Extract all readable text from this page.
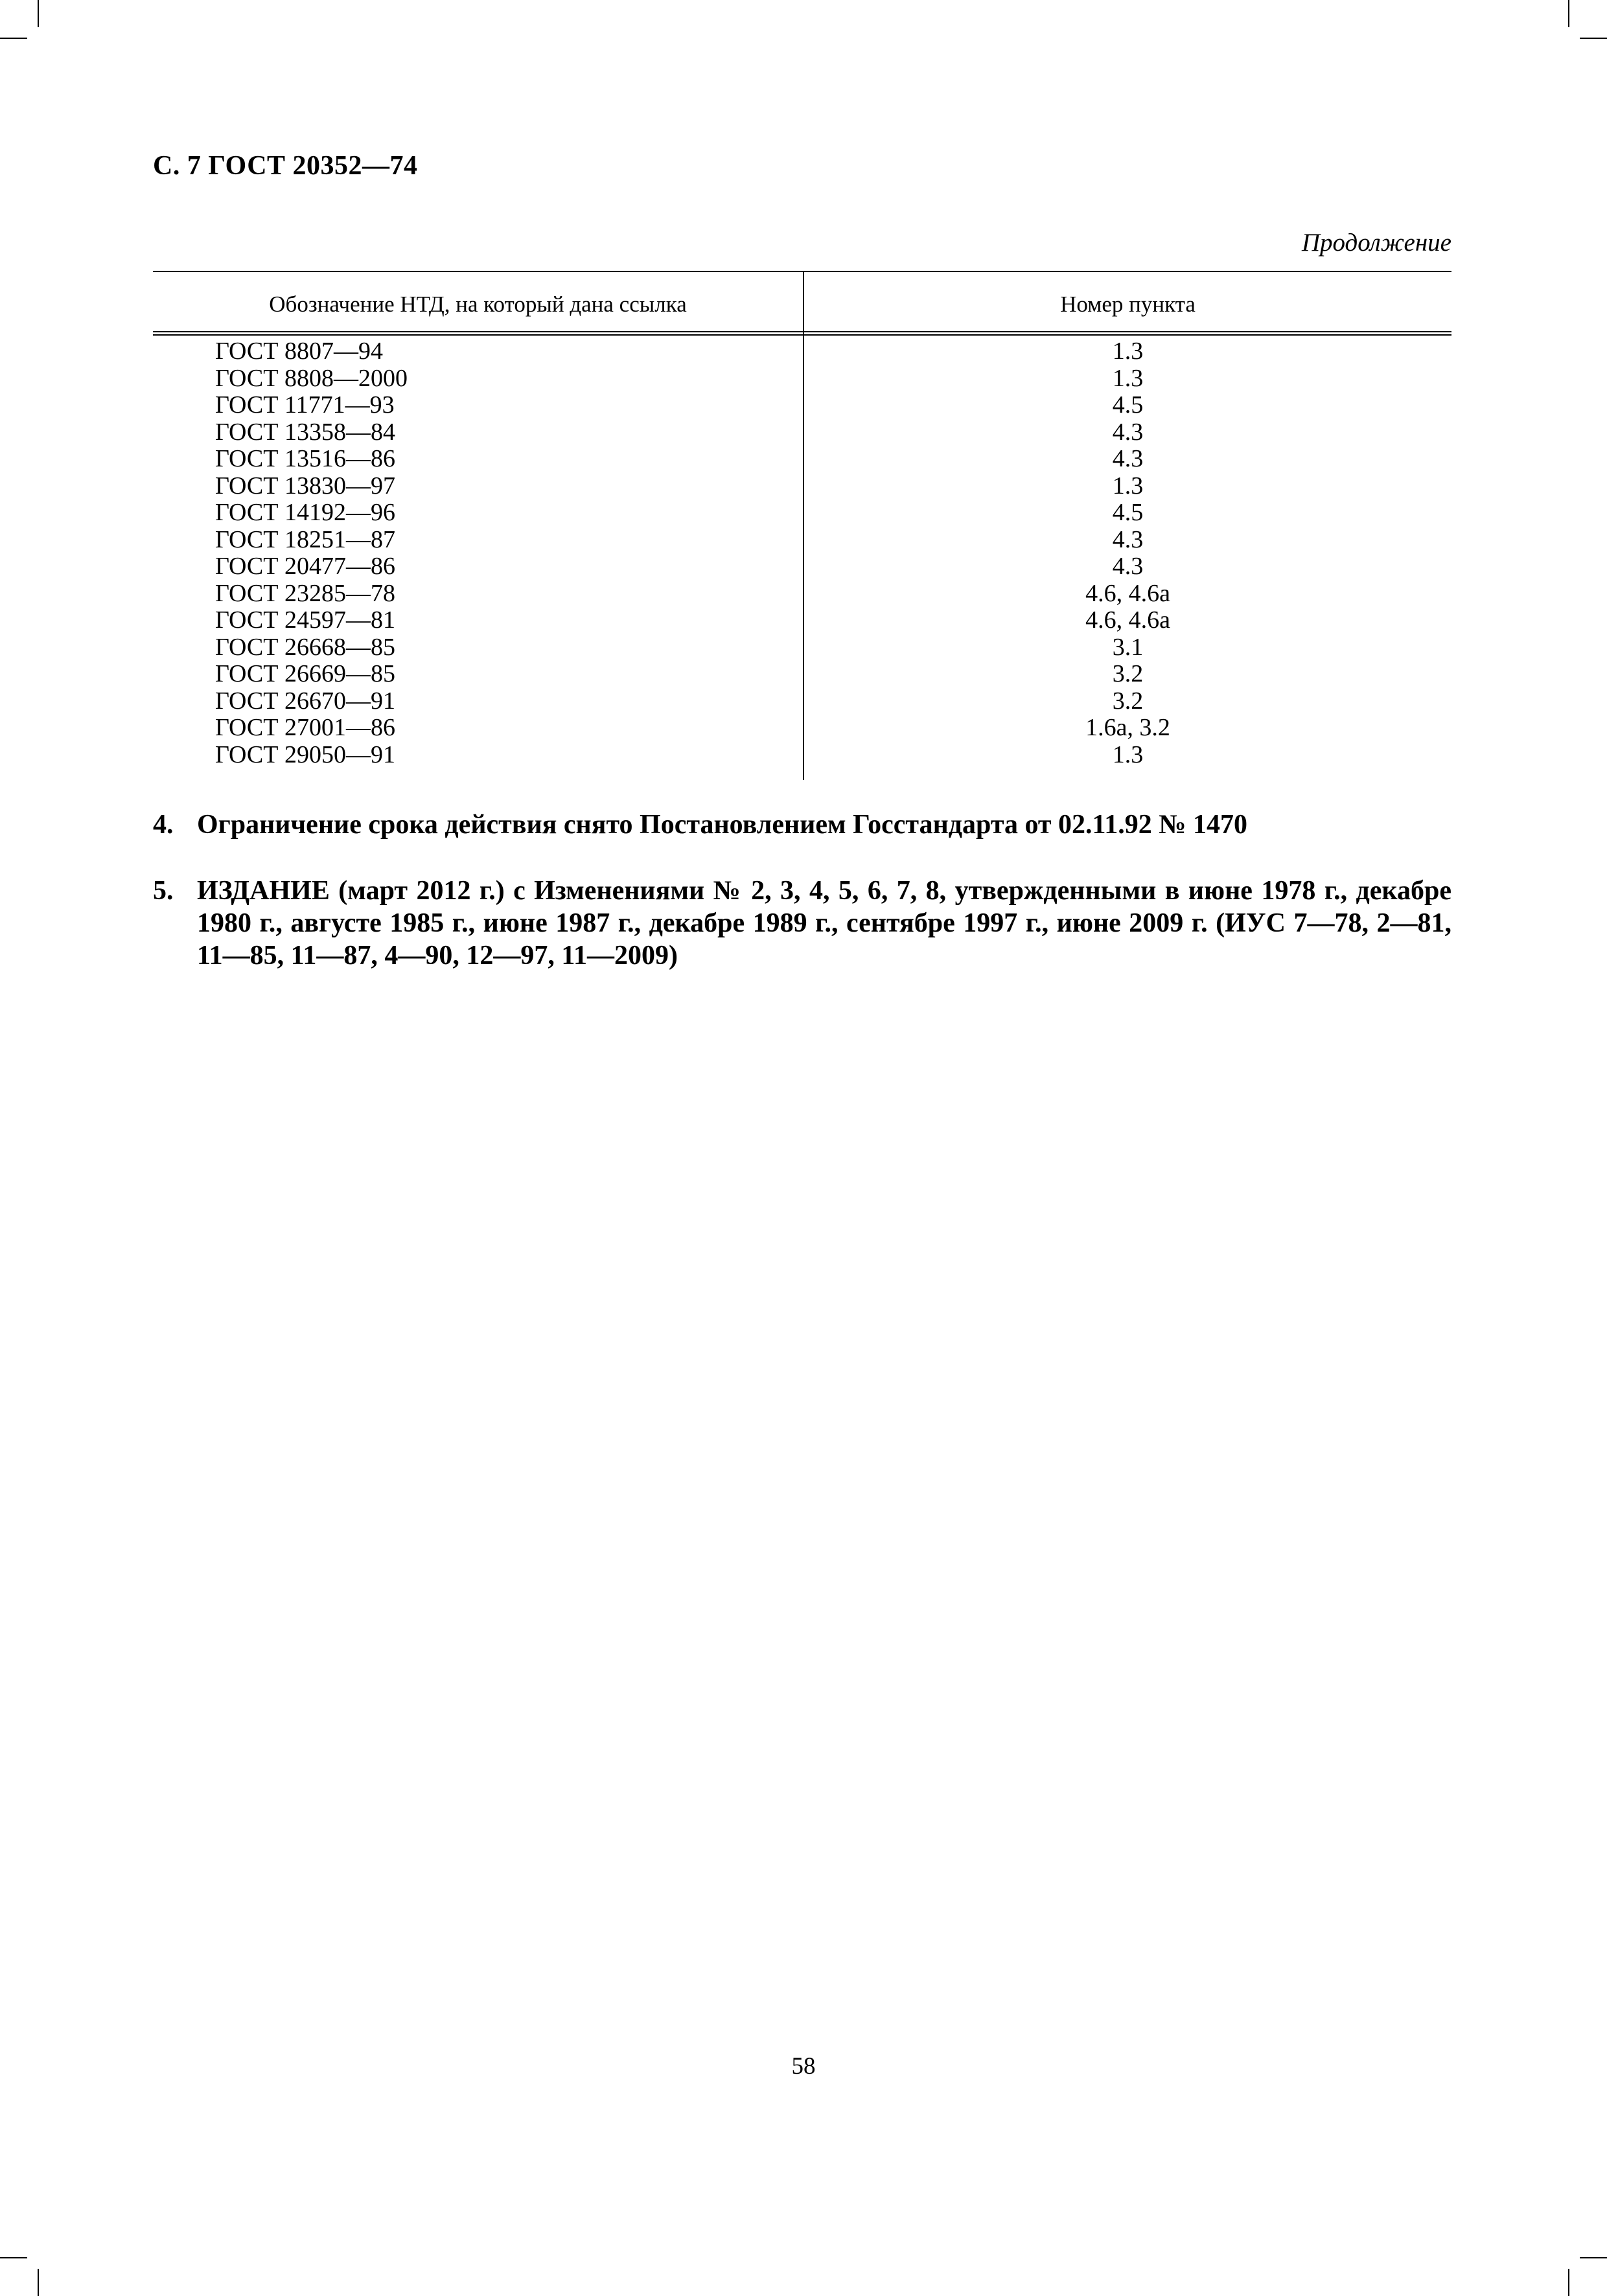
С. 7 ГОСТ 20352—74
Продолжение
Обозначение НТД, на который дана ссылка	Номер пункта
ГОСТ 8807—94	1.3
ГОСТ 8808—2000	1.3
ГОСТ 11771—93	4.5
ГОСТ 13358—84	4.3
ГОСТ 13516—86	4.3
ГОСТ 13830—97	1.3
ГОСТ 14192—96	4.5
ГОСТ 18251—87	4.3
ГОСТ 20477—86	4.3
ГОСТ 23285—78	4.6, 4.6а
ГОСТ 24597—81	4.6, 4.6а
ГОСТ 26668—85	3.1
ГОСТ 26669—85	3.2
ГОСТ 26670—91	3.2
ГОСТ 27001—86	1.6а, 3.2
ГОСТ 29050—91	1.3
4. Ограничение срока действия снято Постановлением Госстандарта от 02.11.92 № 1470
5. ИЗДАНИЕ (март 2012 г.) с Изменениями № 2, 3, 4, 5, 6, 7, 8, утвержденными в июне 1978 г., декабре 1980 г., августе 1985 г., июне 1987 г., декабре 1989 г., сентябре 1997 г., июне 2009 г. (ИУС 7—78, 2—81, 11—85, 11—87, 4—90, 12—97, 11—2009)
58
